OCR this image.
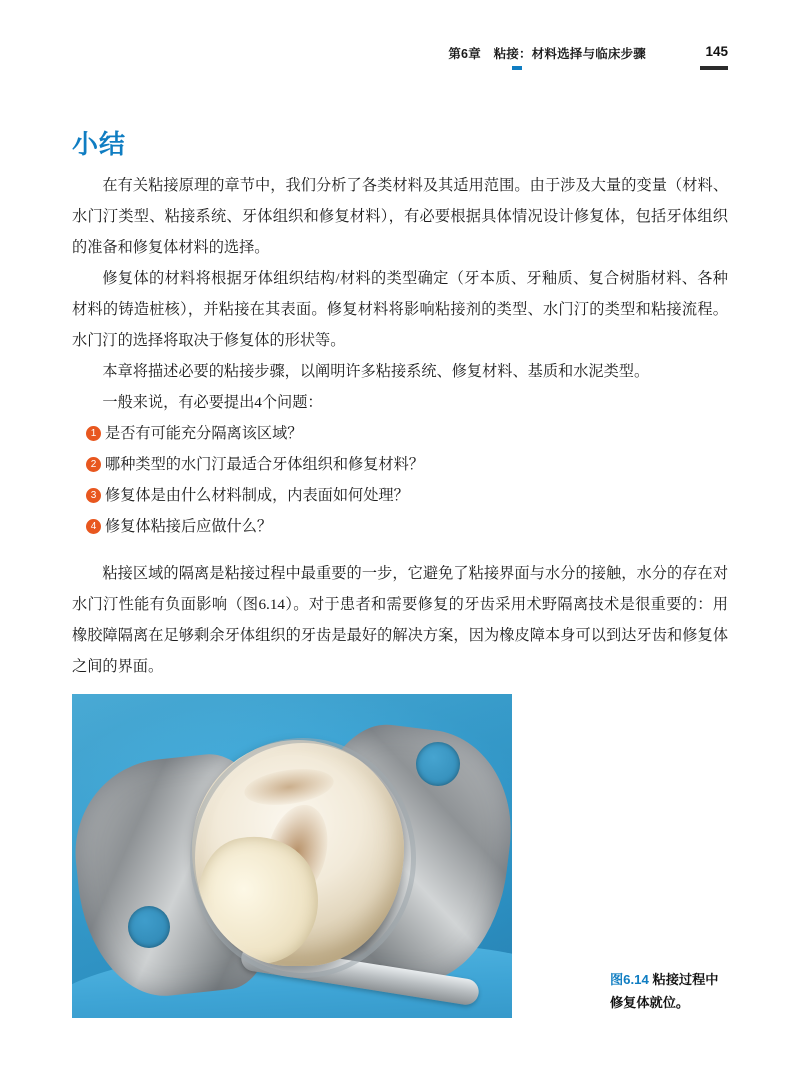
第6章　粘接：材料选择与临床步骤	145
小结

在有关粘接原理的章节中，我们分析了各类材料及其适用范围。由于涉及大量的变量（材料、水门汀类型、粘接系统、牙体组织和修复材料），有必要根据具体情况设计修复体，包括牙体组织的准备和修复体材料的选择。

修复体的材料将根据牙体组织结构/材料的类型确定（牙本质、牙釉质、复合树脂材料、各种材料的铸造桩核），并粘接在其表面。修复材料将影响粘接剂的类型、水门汀的类型和粘接流程。水门汀的选择将取决于修复体的形状等。

本章将描述必要的粘接步骤，以阐明许多粘接系统、修复材料、基质和水泥类型。

一般来说，有必要提出4个问题：

1 是否有可能充分隔离该区域？
2 哪种类型的水门汀最适合牙体组织和修复材料？
3 修复体是由什么材料制成，内表面如何处理？
4 修复体粘接后应做什么？

粘接区域的隔离是粘接过程中最重要的一步，它避免了粘接界面与水分的接触，水分的存在对水门汀性能有负面影响（图6.14）。对于患者和需要修复的牙齿采用术野隔离技术是很重要的：用橡胶障隔离在足够剩余牙体组织的牙齿是最好的解决方案，因为橡皮障本身可以到达牙齿和修复体之间的界面。

图6.14 粘接过程中修复体就位。
